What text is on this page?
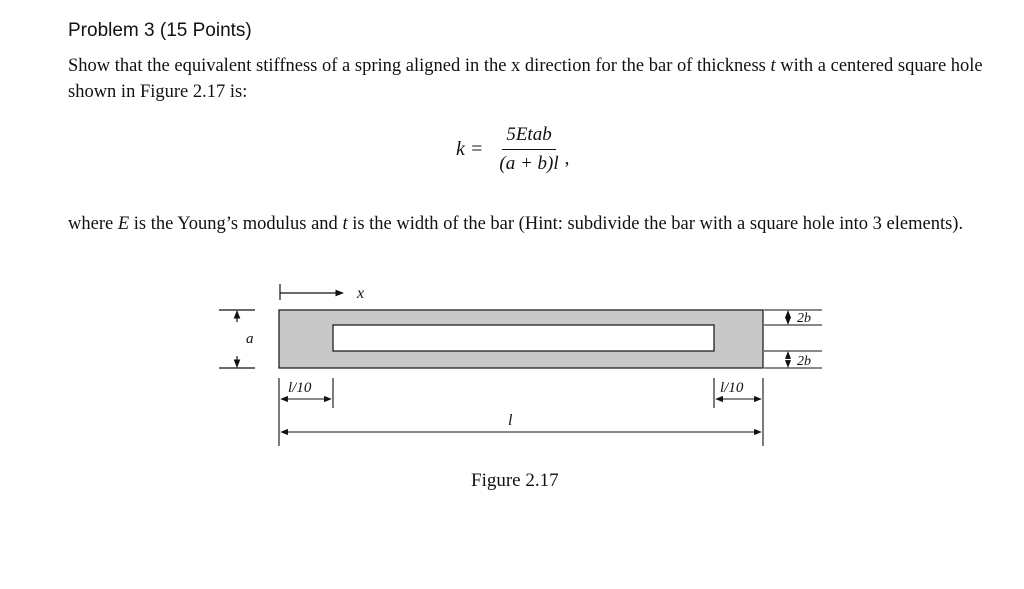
Problem 3 (15 Points)
Show that the equivalent stiffness of a spring aligned in the x direction for the bar of thickness t with a centered square hole shown in Figure 2.17 is:
$k = \frac{\text{5Etab}}{(a + b)l}$ ,
where E is the Young’s modulus and t is the width of the bar (Hint: subdivide the bar with a square hole into 3 elements).
x
a
2b
2b
l/10	l/10
l
Figure 2.17
